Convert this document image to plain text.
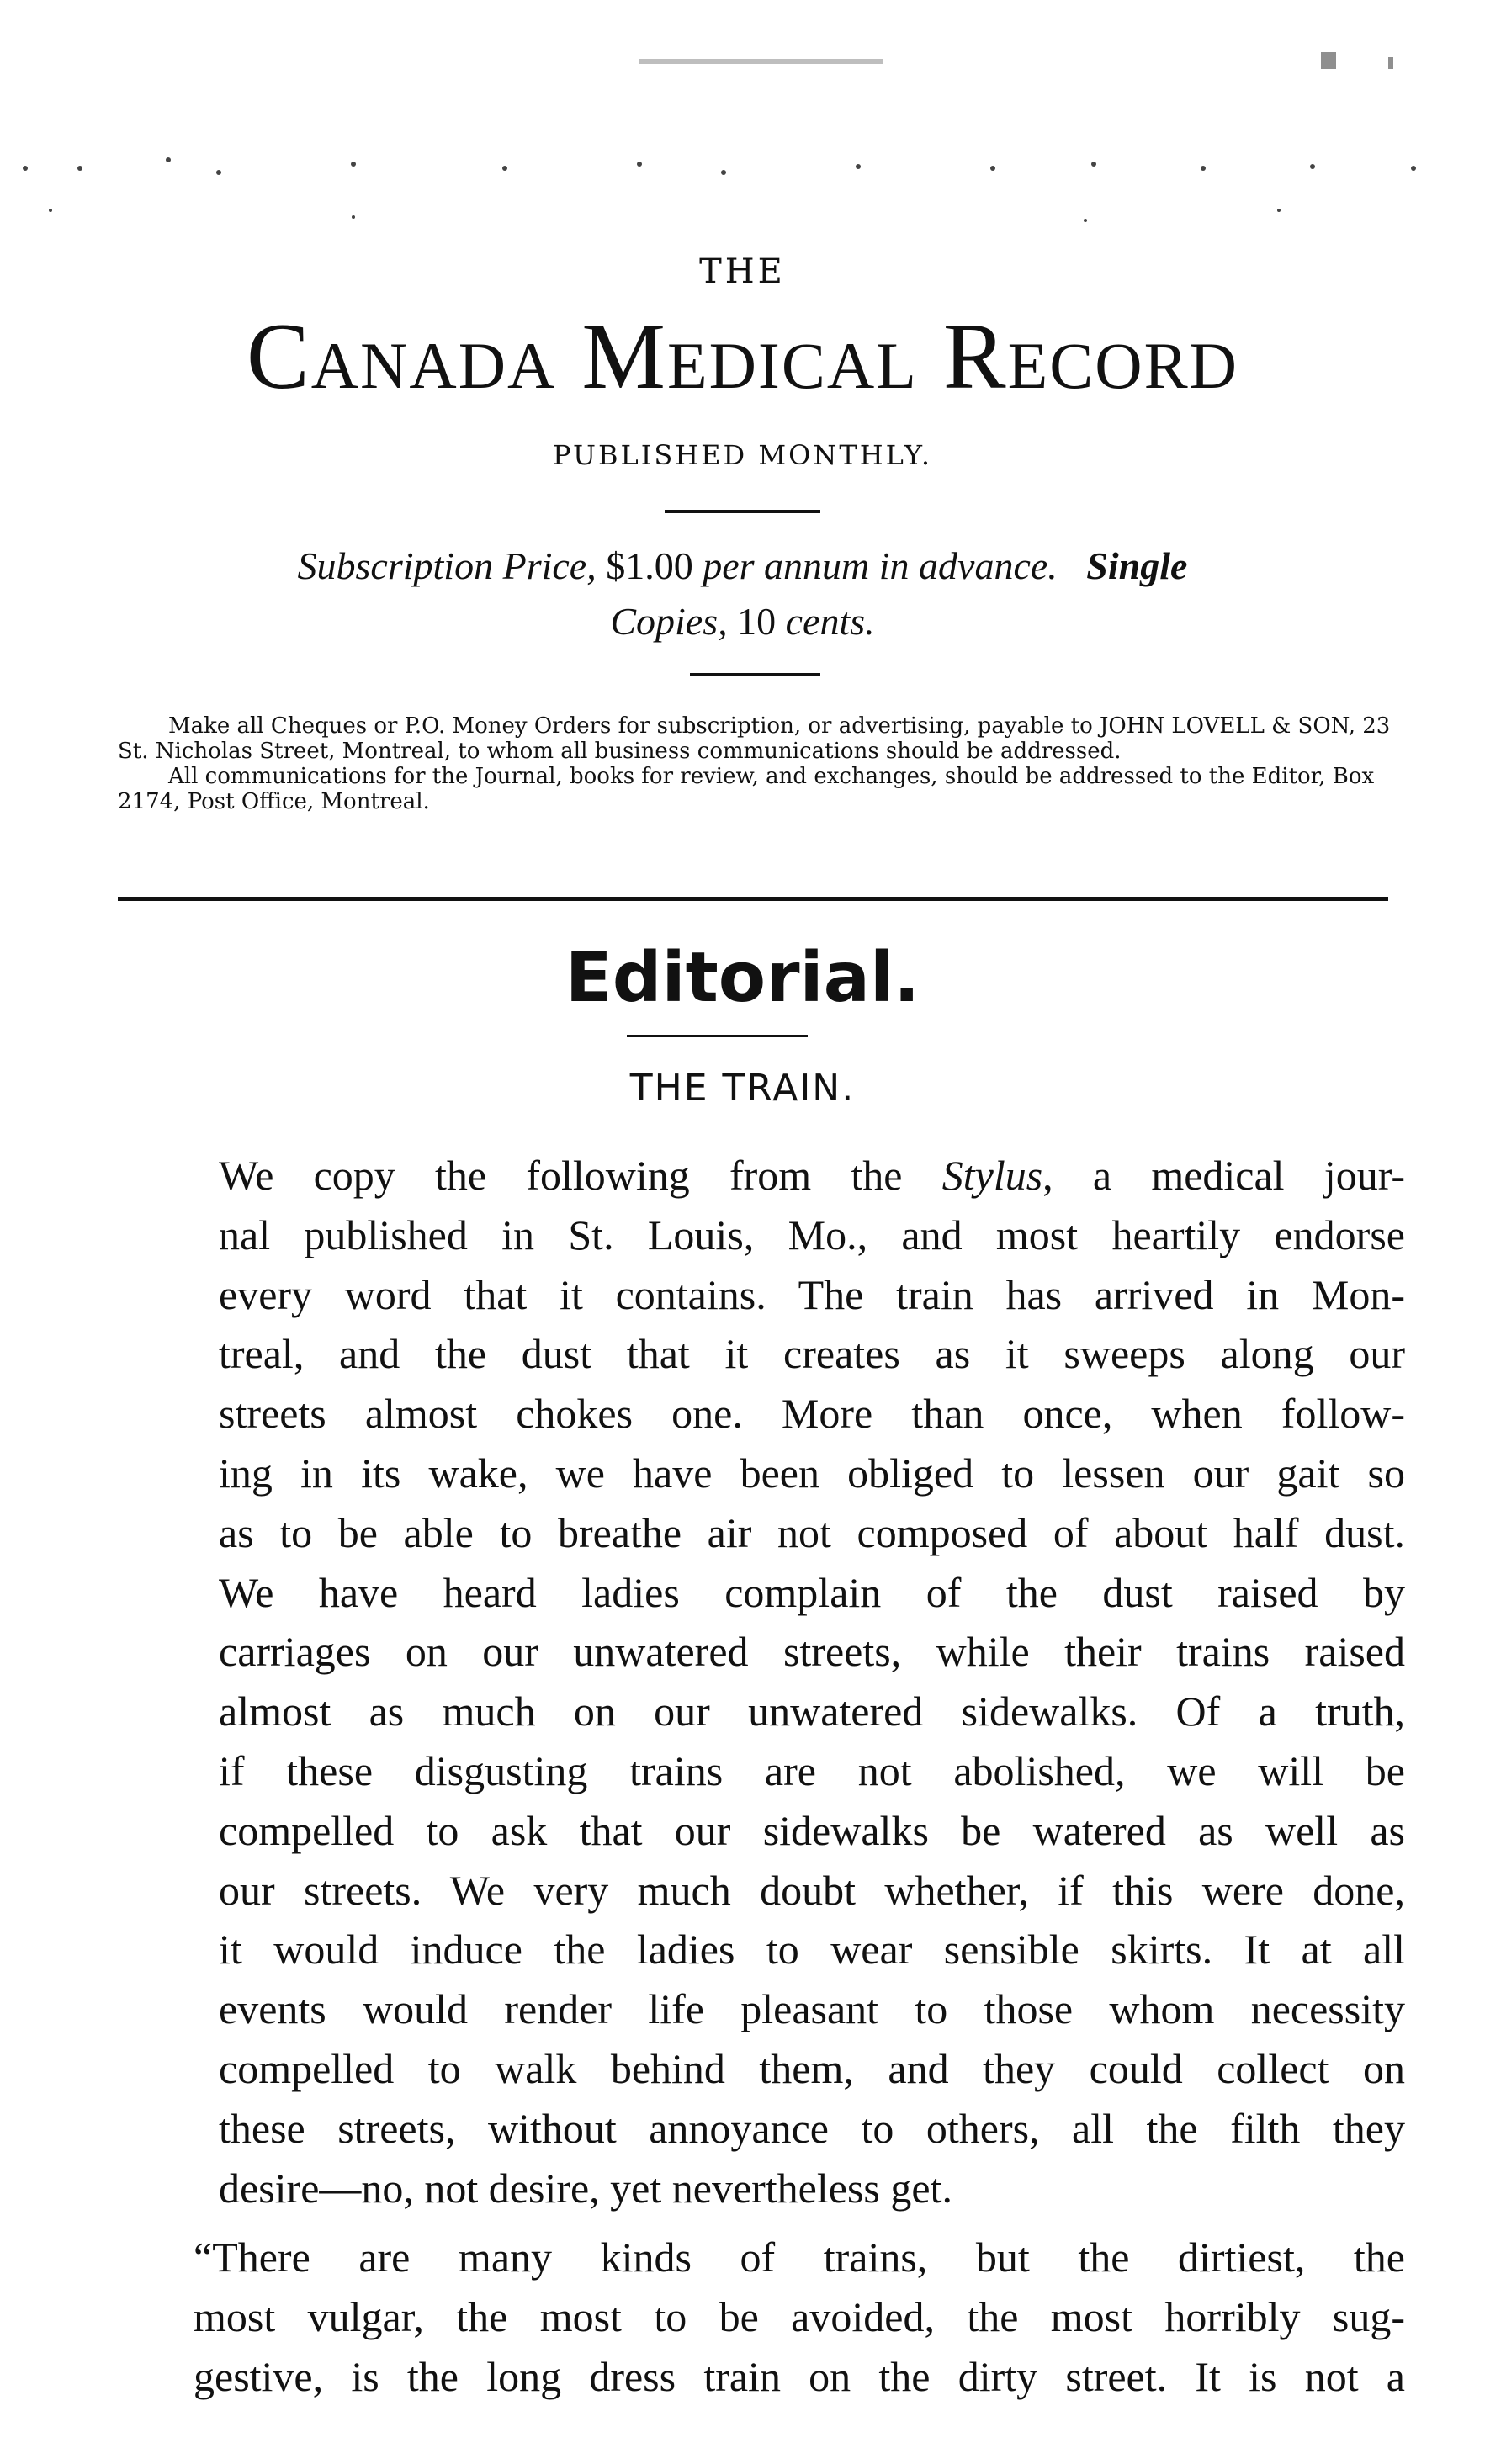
THE
Canada Medical Record
PUBLISHED MONTHLY.
Subscription Price, $1.00 per annum in advance. Single
Copies, 10 cents.

Make all Cheques or P.O. Money Orders for subscription, or advertising, payable to JOHN LOVELL & SON, 23 St. Nicholas Street, Montreal, to whom all business communications should be addressed.

All communications for the Journal, books for review, and exchanges, should be addressed to the Editor, Box 2174, Post Office, Montreal.

Editorial.
THE TRAIN.

We copy the following from the Stylus, a medical jour-
nal published in St. Louis, Mo., and most heartily endorse
every word that it contains. The train has arrived in Mon-
treal, and the dust that it creates as it sweeps along our
streets almost chokes one. More than once, when follow-
ing in its wake, we have been obliged to lessen our gait so
as to be able to breathe air not composed of about half dust.
We have heard ladies complain of the dust raised by
carriages on our unwatered streets, while their trains raised
almost as much on our unwatered sidewalks. Of a truth,
if these disgusting trains are not abolished, we will be
compelled to ask that our sidewalks be watered as well as
our streets. We very much doubt whether, if this were done,
it would induce the ladies to wear sensible skirts. It at all
events would render life pleasant to those whom necessity
compelled to walk behind them, and they could collect on
these streets, without annoyance to others, all the filth they
desire—no, not desire, yet nevertheless get.

“There are many kinds of trains, but the dirtiest, the
most vulgar, the most to be avoided, the most horribly sug-
gestive, is the long dress train on the dirty street. It is not a
